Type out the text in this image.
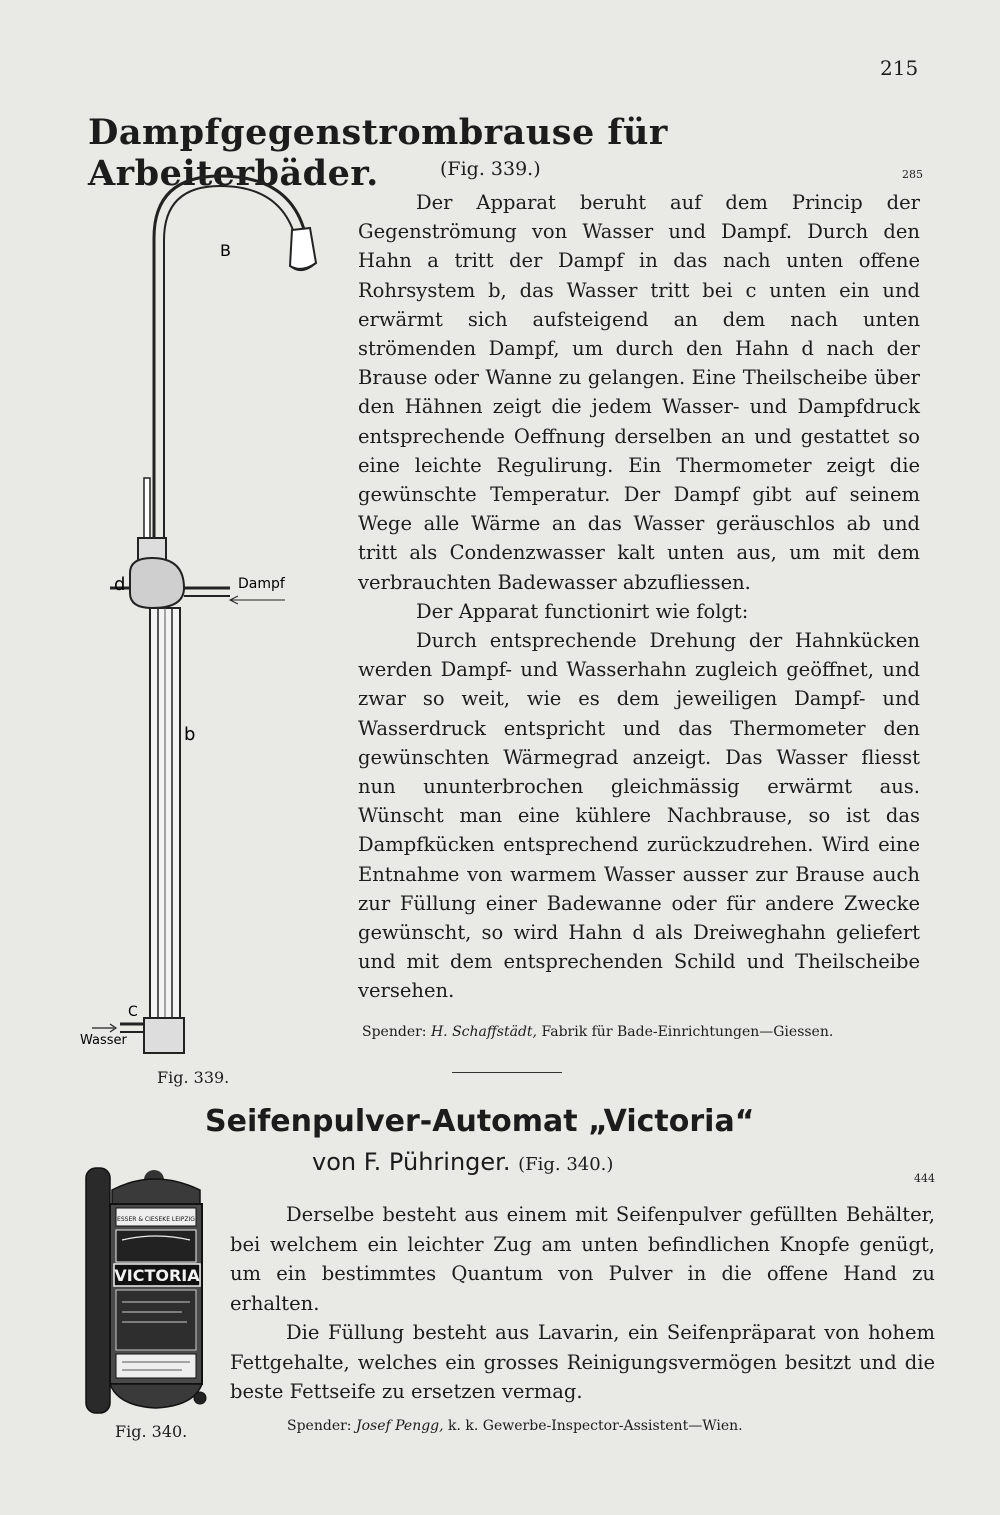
215
Dampfgegenstrombrause für Arbeiterbäder.	(Fig. 339.)	285

Der Apparat beruht auf dem Princip der Gegenströmung von Wasser und Dampf. Durch den Hahn a tritt der Dampf in das nach unten offene Rohrsystem b, das Wasser tritt bei c unten ein und erwärmt sich aufsteigend an dem nach unten strömenden Dampf, um durch den Hahn d nach der Brause oder Wanne zu gelangen. Eine Theilscheibe über den Hähnen zeigt die jedem Wasser- und Dampfdruck entsprechende Oeffnung derselben an und gestattet so eine leichte Regulirung. Ein Thermometer zeigt die gewünschte Temperatur. Der Dampf gibt auf seinem Wege alle Wärme an das Wasser geräuschlos ab und tritt als Condenzwasser kalt unten aus, um mit dem verbrauchten Badewasser abzufliessen.

Der Apparat functionirt wie folgt:

Durch entsprechende Drehung der Hahnkücken werden Dampf- und Wasserhahn zugleich geöffnet, und zwar so weit, wie es dem jeweiligen Dampf- und Wasserdruck entspricht und das Thermometer den gewünschten Wärmegrad anzeigt. Das Wasser fliesst nun ununterbrochen gleichmässig erwärmt aus. Wünscht man eine kühlere Nachbrause, so ist das Dampfkücken entsprechend zurückzudrehen. Wird eine Entnahme von warmem Wasser ausser zur Brause auch zur Füllung einer Badewanne oder für andere Zwecke gewünscht, so wird Hahn d als Dreiweghahn geliefert und mit dem entsprechenden Schild und Theilscheibe versehen.

Spender: H. Schaffstädt, Fabrik für Bade-Einrichtungen—Giessen.
B
d	Dampf
b
C
Wasser
Fig. 339.
Seifenpulver-Automat „Victoria“
von F. Pühringer. (Fig. 340.)
444

Derselbe besteht aus einem mit Seifenpulver gefüllten Behälter, bei welchem ein leichter Zug am unten befindlichen Knopfe genügt, um ein bestimmtes Quantum von Pulver in die offene Hand zu erhalten.

Die Füllung besteht aus Lavarin, ein Seifenpräparat von hohem Fettgehalte, welches ein grosses Reinigungsvermögen besitzt und die beste Fettseife zu ersetzen vermag.

Spender: Josef Pengg, k. k. Gewerbe-Inspector-Assistent—Wien.
ESSER & CIESEKE LEIPZIG
VICTORIA
Fig. 340.
